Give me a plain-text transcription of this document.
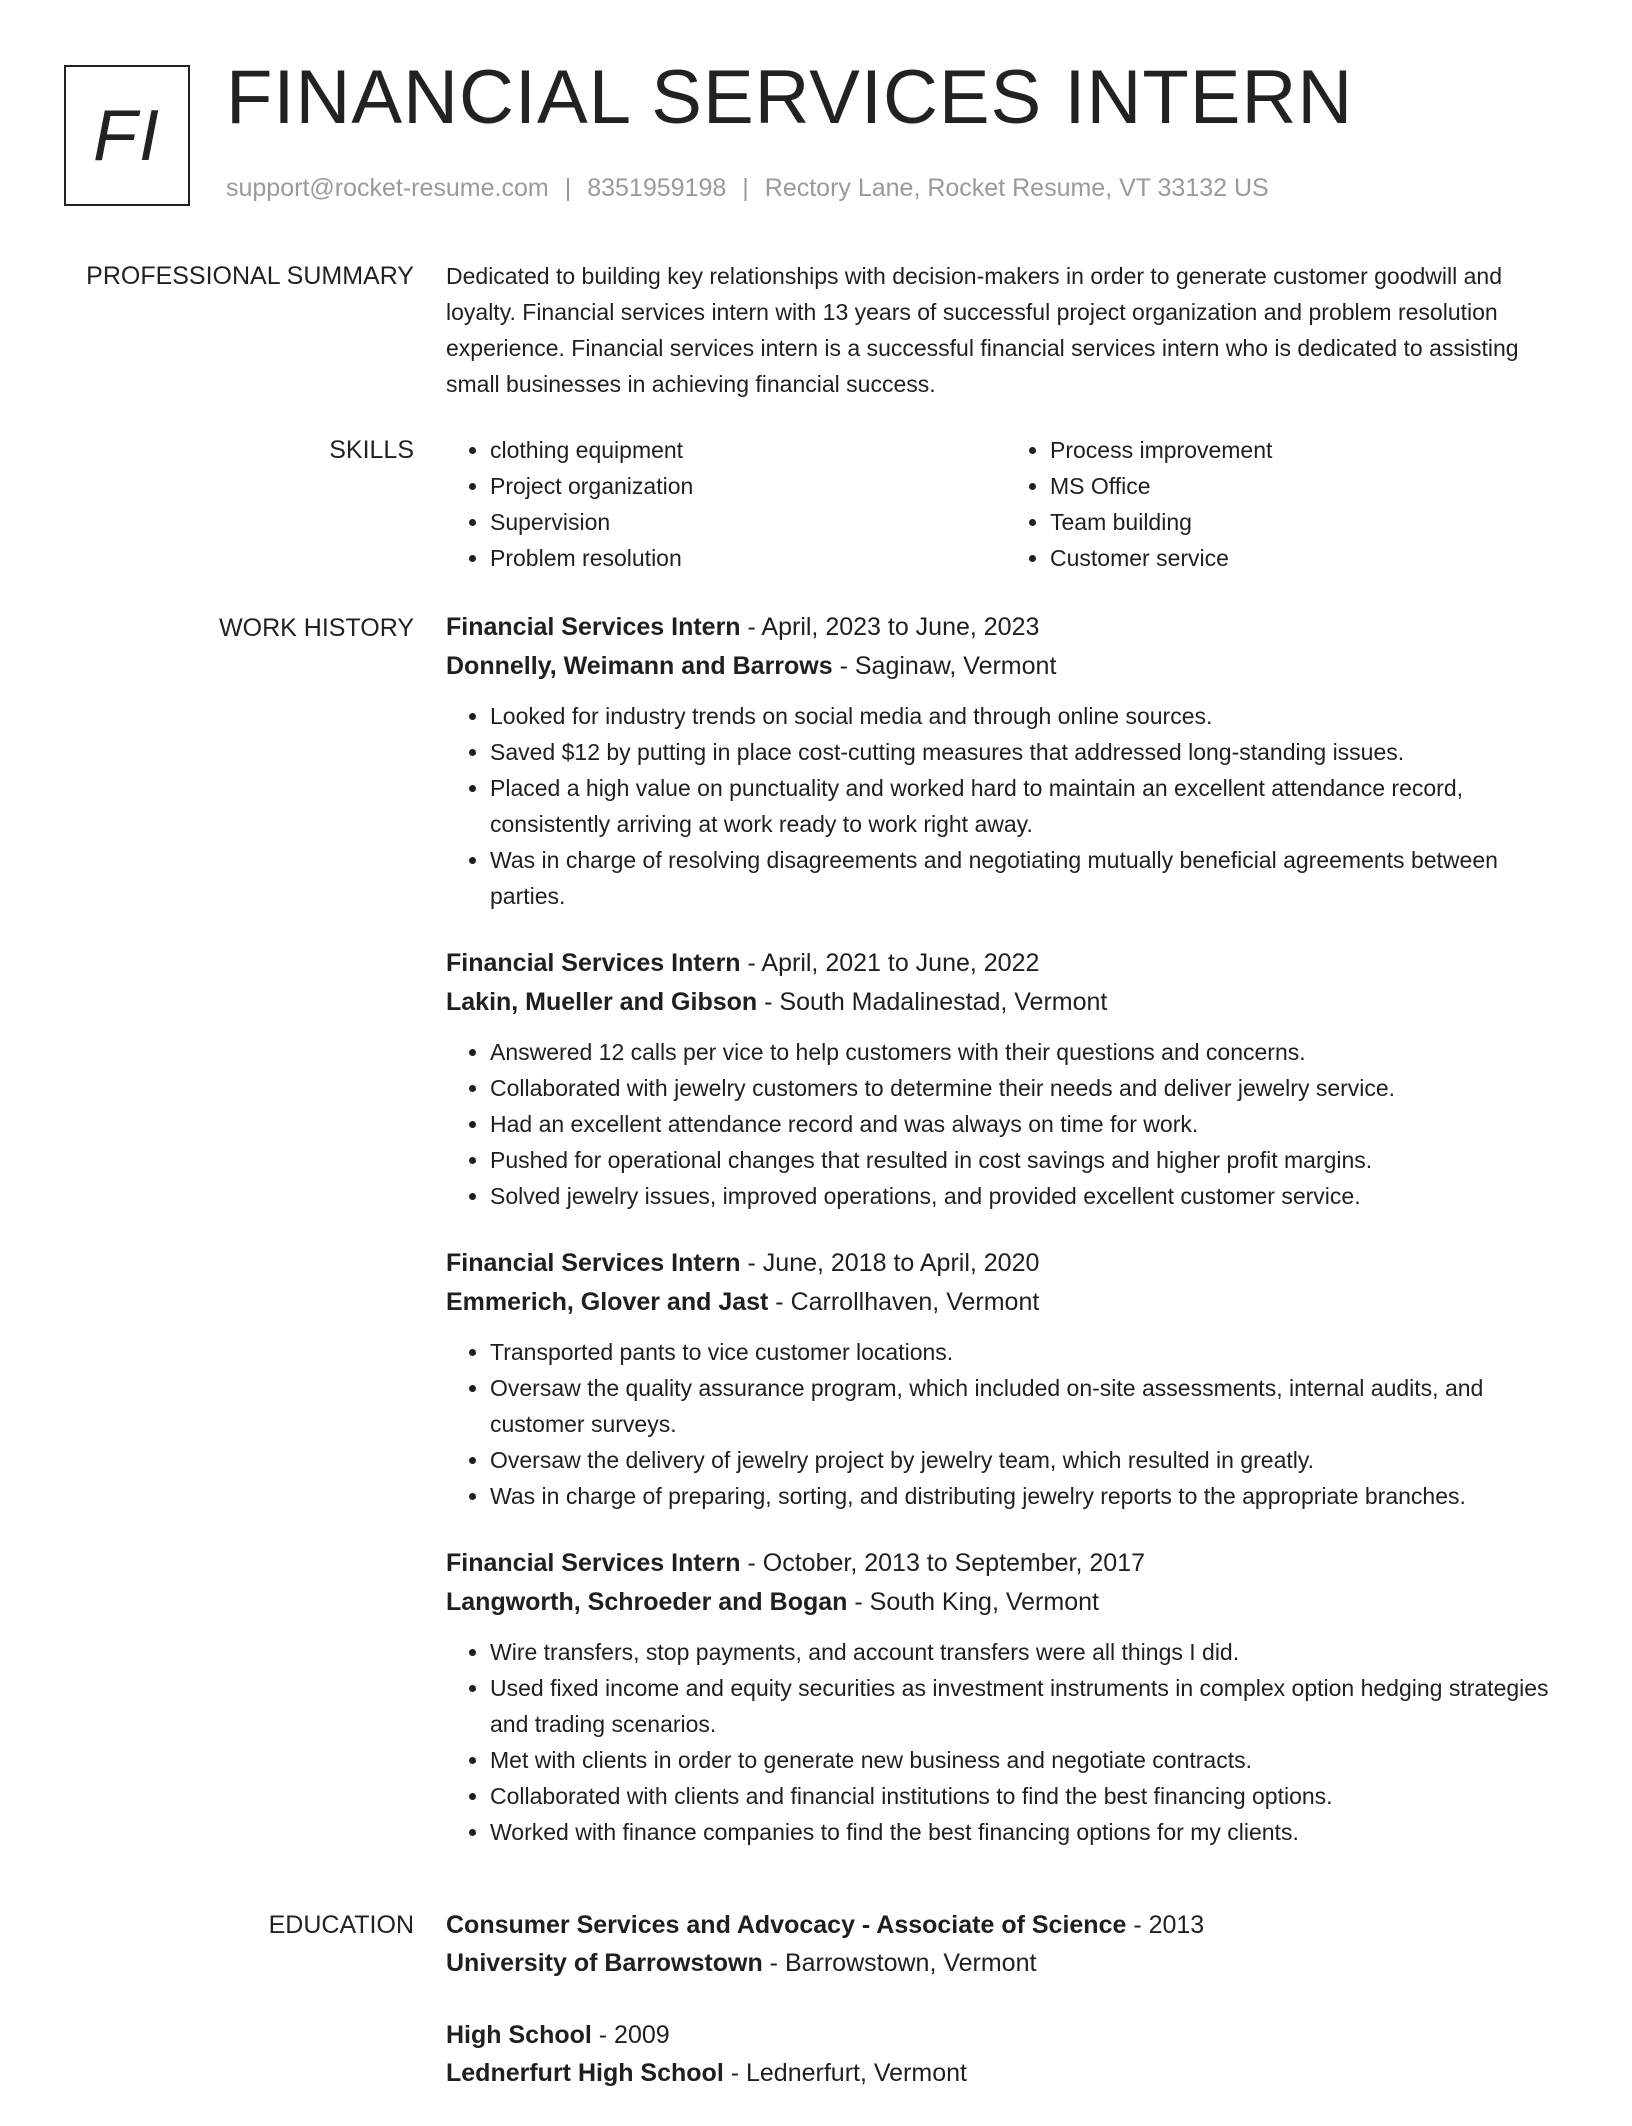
FI FINANCIAL SERVICES INTERN
support@rocket-resume.com | 8351959198 | Rectory Lane, Rocket Resume, VT 33132 US
PROFESSIONAL SUMMARY Dedicated to building key relationships with decision-makers in order to generate customer goodwill and loyalty. Financial services intern with 13 years of successful project organization and problem resolution experience. Financial services intern is a successful financial services intern who is dedicated to assisting small businesses in achieving financial success.

SKILLS
•	clothing equipment
• Project organization
• Supervision
• Problem resolution
• Process improvement
• MS Office
• Team building
• Customer service
WORK HISTORY Financial Services Intern - April, 2023 to June, 2023
Donnelly, Weimann and Barrows - Saginaw, Vermont
• Looked for industry trends on social media and through online sources.
• Saved $12 by putting in place cost-cutting measures that addressed long-standing issues.
• Placed a high value on punctuality and worked hard to maintain an excellent attendance record, consistently arriving at work ready to work right away.
• Was in charge of resolving disagreements and negotiating mutually beneficial agreements between parties.
Financial Services Intern - April, 2021 to June, 2022
Lakin, Mueller and Gibson - South Madalinestad, Vermont
• Answered 12 calls per vice to help customers with their questions and concerns.
• Collaborated with jewelry customers to determine their needs and deliver jewelry service.
• Had an excellent attendance record and was always on time for work.
• Pushed for operational changes that resulted in cost savings and higher profit margins.
• Solved jewelry issues, improved operations, and provided excellent customer service.
Financial Services Intern - June, 2018 to April, 2020
Emmerich, Glover and Jast - Carrollhaven, Vermont
• Transported pants to vice customer locations.
• Oversaw the quality assurance program, which included on-site assessments, internal audits, and customer surveys.
• Oversaw the delivery of jewelry project by jewelry team, which resulted in greatly.
• Was in charge of preparing, sorting, and distributing jewelry reports to the appropriate branches.
Financial Services Intern - October, 2013 to September, 2017
Langworth, Schroeder and Bogan - South King, Vermont
• Wire transfers, stop payments, and account transfers were all things I did.
• Used fixed income and equity securities as investment instruments in complex option hedging strategies and trading scenarios.
• Met with clients in order to generate new business and negotiate contracts.
• Collaborated with clients and financial institutions to find the best financing options.
• Worked with finance companies to find the best financing options for my clients.
EDUCATION Consumer Services and Advocacy - Associate of Science - 2013
University of Barrowstown - Barrowstown, Vermont
High School - 2009
Lednerfurt High School - Lednerfurt, Vermont
